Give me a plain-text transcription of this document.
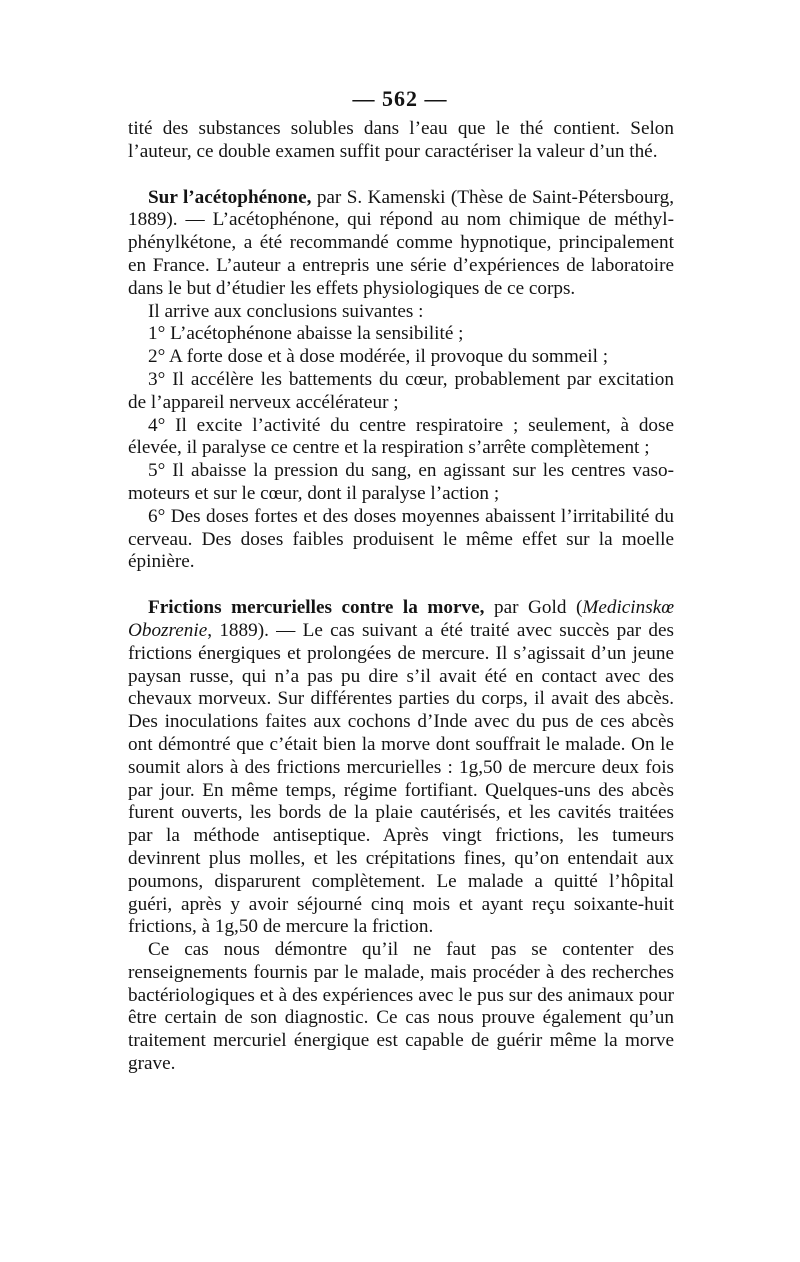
— 562 —

tité des substances solubles dans l’eau que le thé contient. Selon l’auteur, ce double examen suffit pour caractériser la valeur d’un thé.

Sur l’acétophénone, par S. Kamenski (Thèse de Saint-Pétersbourg, 1889). — L’acétophénone, qui répond au nom chimique de méthyl-phénylkétone, a été recommandé comme hypnotique, principalement en France. L’auteur a entrepris une série d’expériences de laboratoire dans le but d’étudier les effets physiologiques de ce corps.

Il arrive aux conclusions suivantes :

1° L’acétophénone abaisse la sensibilité ;

2° A forte dose et à dose modérée, il provoque du sommeil ;

3° Il accélère les battements du cœur, probablement par excitation de l’appareil nerveux accélérateur ;

4° Il excite l’activité du centre respiratoire ; seulement, à dose élevée, il paralyse ce centre et la respiration s’arrête complètement ;

5° Il abaisse la pression du sang, en agissant sur les centres vaso-moteurs et sur le cœur, dont il paralyse l’action ;

6° Des doses fortes et des doses moyennes abaissent l’irritabilité du cerveau. Des doses faibles produisent le même effet sur la moelle épinière.

Frictions mercurielles contre la morve, par Gold (Medicinskœ Obozrenie, 1889). — Le cas suivant a été traité avec succès par des frictions énergiques et prolongées de mercure. Il s’agissait d’un jeune paysan russe, qui n’a pas pu dire s’il avait été en contact avec des chevaux morveux. Sur différentes parties du corps, il avait des abcès. Des inoculations faites aux cochons d’Inde avec du pus de ces abcès ont démontré que c’était bien la morve dont souffrait le malade. On le soumit alors à des frictions mercurielles : 1g,50 de mercure deux fois par jour. En même temps, régime fortifiant. Quelques-uns des abcès furent ouverts, les bords de la plaie cautérisés, et les cavités traitées par la méthode antiseptique. Après vingt frictions, les tumeurs devinrent plus molles, et les crépitations fines, qu’on entendait aux poumons, disparurent complètement. Le malade a quitté l’hôpital guéri, après y avoir séjourné cinq mois et ayant reçu soixante-huit frictions, à 1g,50 de mercure la friction.

Ce cas nous démontre qu’il ne faut pas se contenter des renseignements fournis par le malade, mais procéder à des recherches bactériologiques et à des expériences avec le pus sur des animaux pour être certain de son diagnostic. Ce cas nous prouve également qu’un traitement mercuriel énergique est capable de guérir même la morve grave.
